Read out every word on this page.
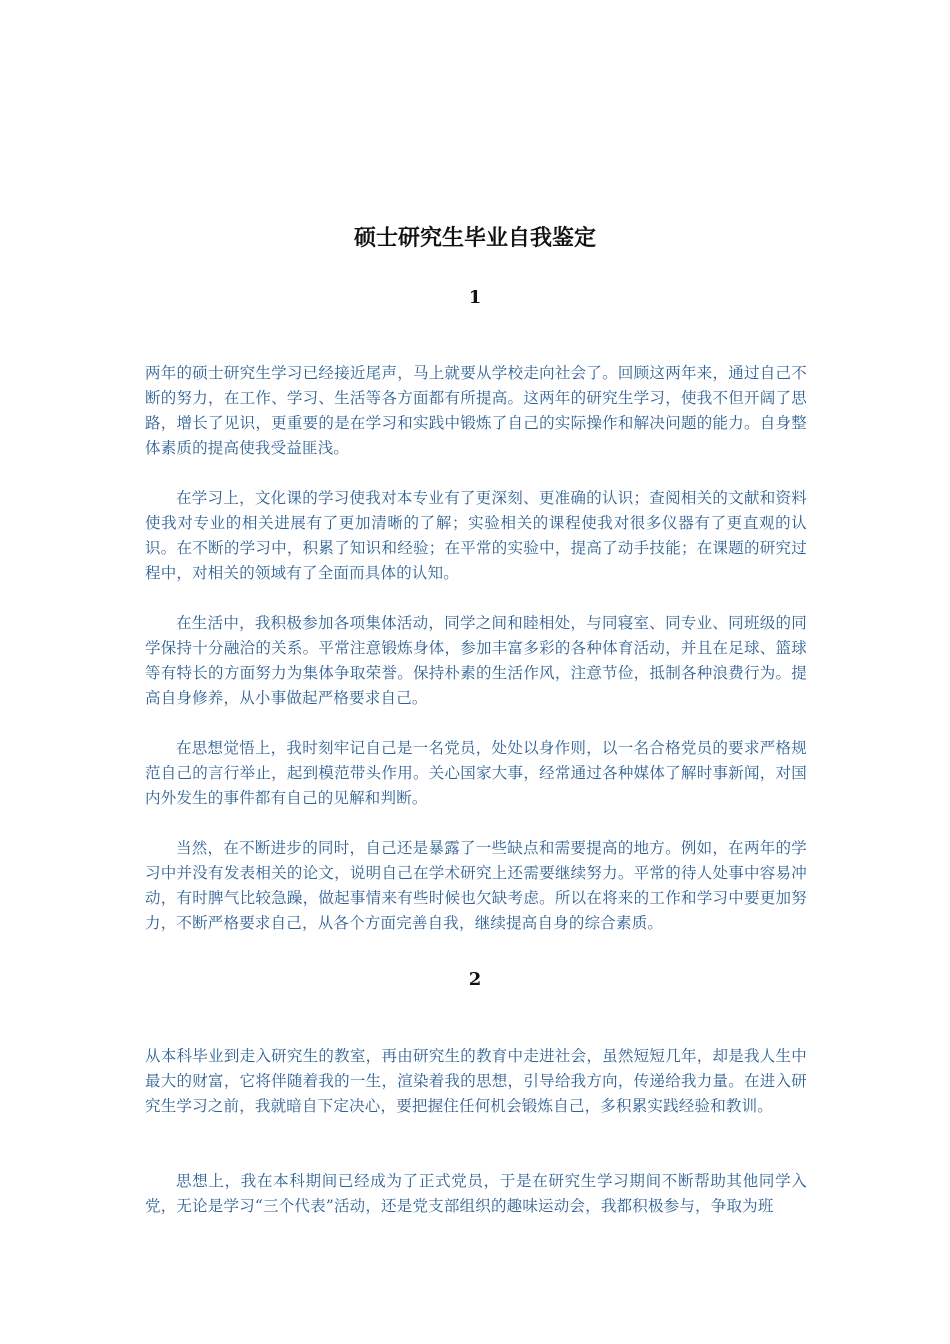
硕士研究生毕业自我鉴定
1

两年的硕士研究生学习已经接近尾声，马上就要从学校走向社会了。回顾这两年来，通过自己不断的努力，在工作、学习、生活等各方面都有所提高。这两年的研究生学习，使我不但开阔了思路，增长了见识，更重要的是在学习和实践中锻炼了自己的实际操作和解决问题的能力。自身整体素质的提高使我受益匪浅。

在学习上，文化课的学习使我对本专业有了更深刻、更准确的认识；查阅相关的文献和资料使我对专业的相关进展有了更加清晰的了解；实验相关的课程使我对很多仪器有了更直观的认识。在不断的学习中，积累了知识和经验；在平常的实验中，提高了动手技能；在课题的研究过程中，对相关的领域有了全面而具体的认知。

在生活中，我积极参加各项集体活动，同学之间和睦相处，与同寝室、同专业、同班级的同学保持十分融洽的关系。平常注意锻炼身体，参加丰富多彩的各种体育活动，并且在足球、篮球等有特长的方面努力为集体争取荣誉。保持朴素的生活作风，注意节俭，抵制各种浪费行为。提高自身修养，从小事做起严格要求自己。

在思想觉悟上，我时刻牢记自己是一名党员，处处以身作则，以一名合格党员的要求严格规范自己的言行举止，起到模范带头作用。关心国家大事，经常通过各种媒体了解时事新闻，对国内外发生的事件都有自己的见解和判断。

当然，在不断进步的同时，自己还是暴露了一些缺点和需要提高的地方。例如，在两年的学习中并没有发表相关的论文，说明自己在学术研究上还需要继续努力。平常的待人处事中容易冲动，有时脾气比较急躁，做起事情来有些时候也欠缺考虑。所以在将来的工作和学习中要更加努力，不断严格要求自己，从各个方面完善自我，继续提高自身的综合素质。

2

从本科毕业到走入研究生的教室，再由研究生的教育中走进社会，虽然短短几年，却是我人生中最大的财富，它将伴随着我的一生，渲染着我的思想，引导给我方向，传递给我力量。在进入研究生学习之前，我就暗自下定决心，要把握住任何机会锻炼自己，多积累实践经验和教训。

思想上，我在本科期间已经成为了正式党员，于是在研究生学习期间不断帮助其他同学入党，无论是学习“三个代表”活动，还是党支部组织的趣味运动会，我都积极参与，争取为班
